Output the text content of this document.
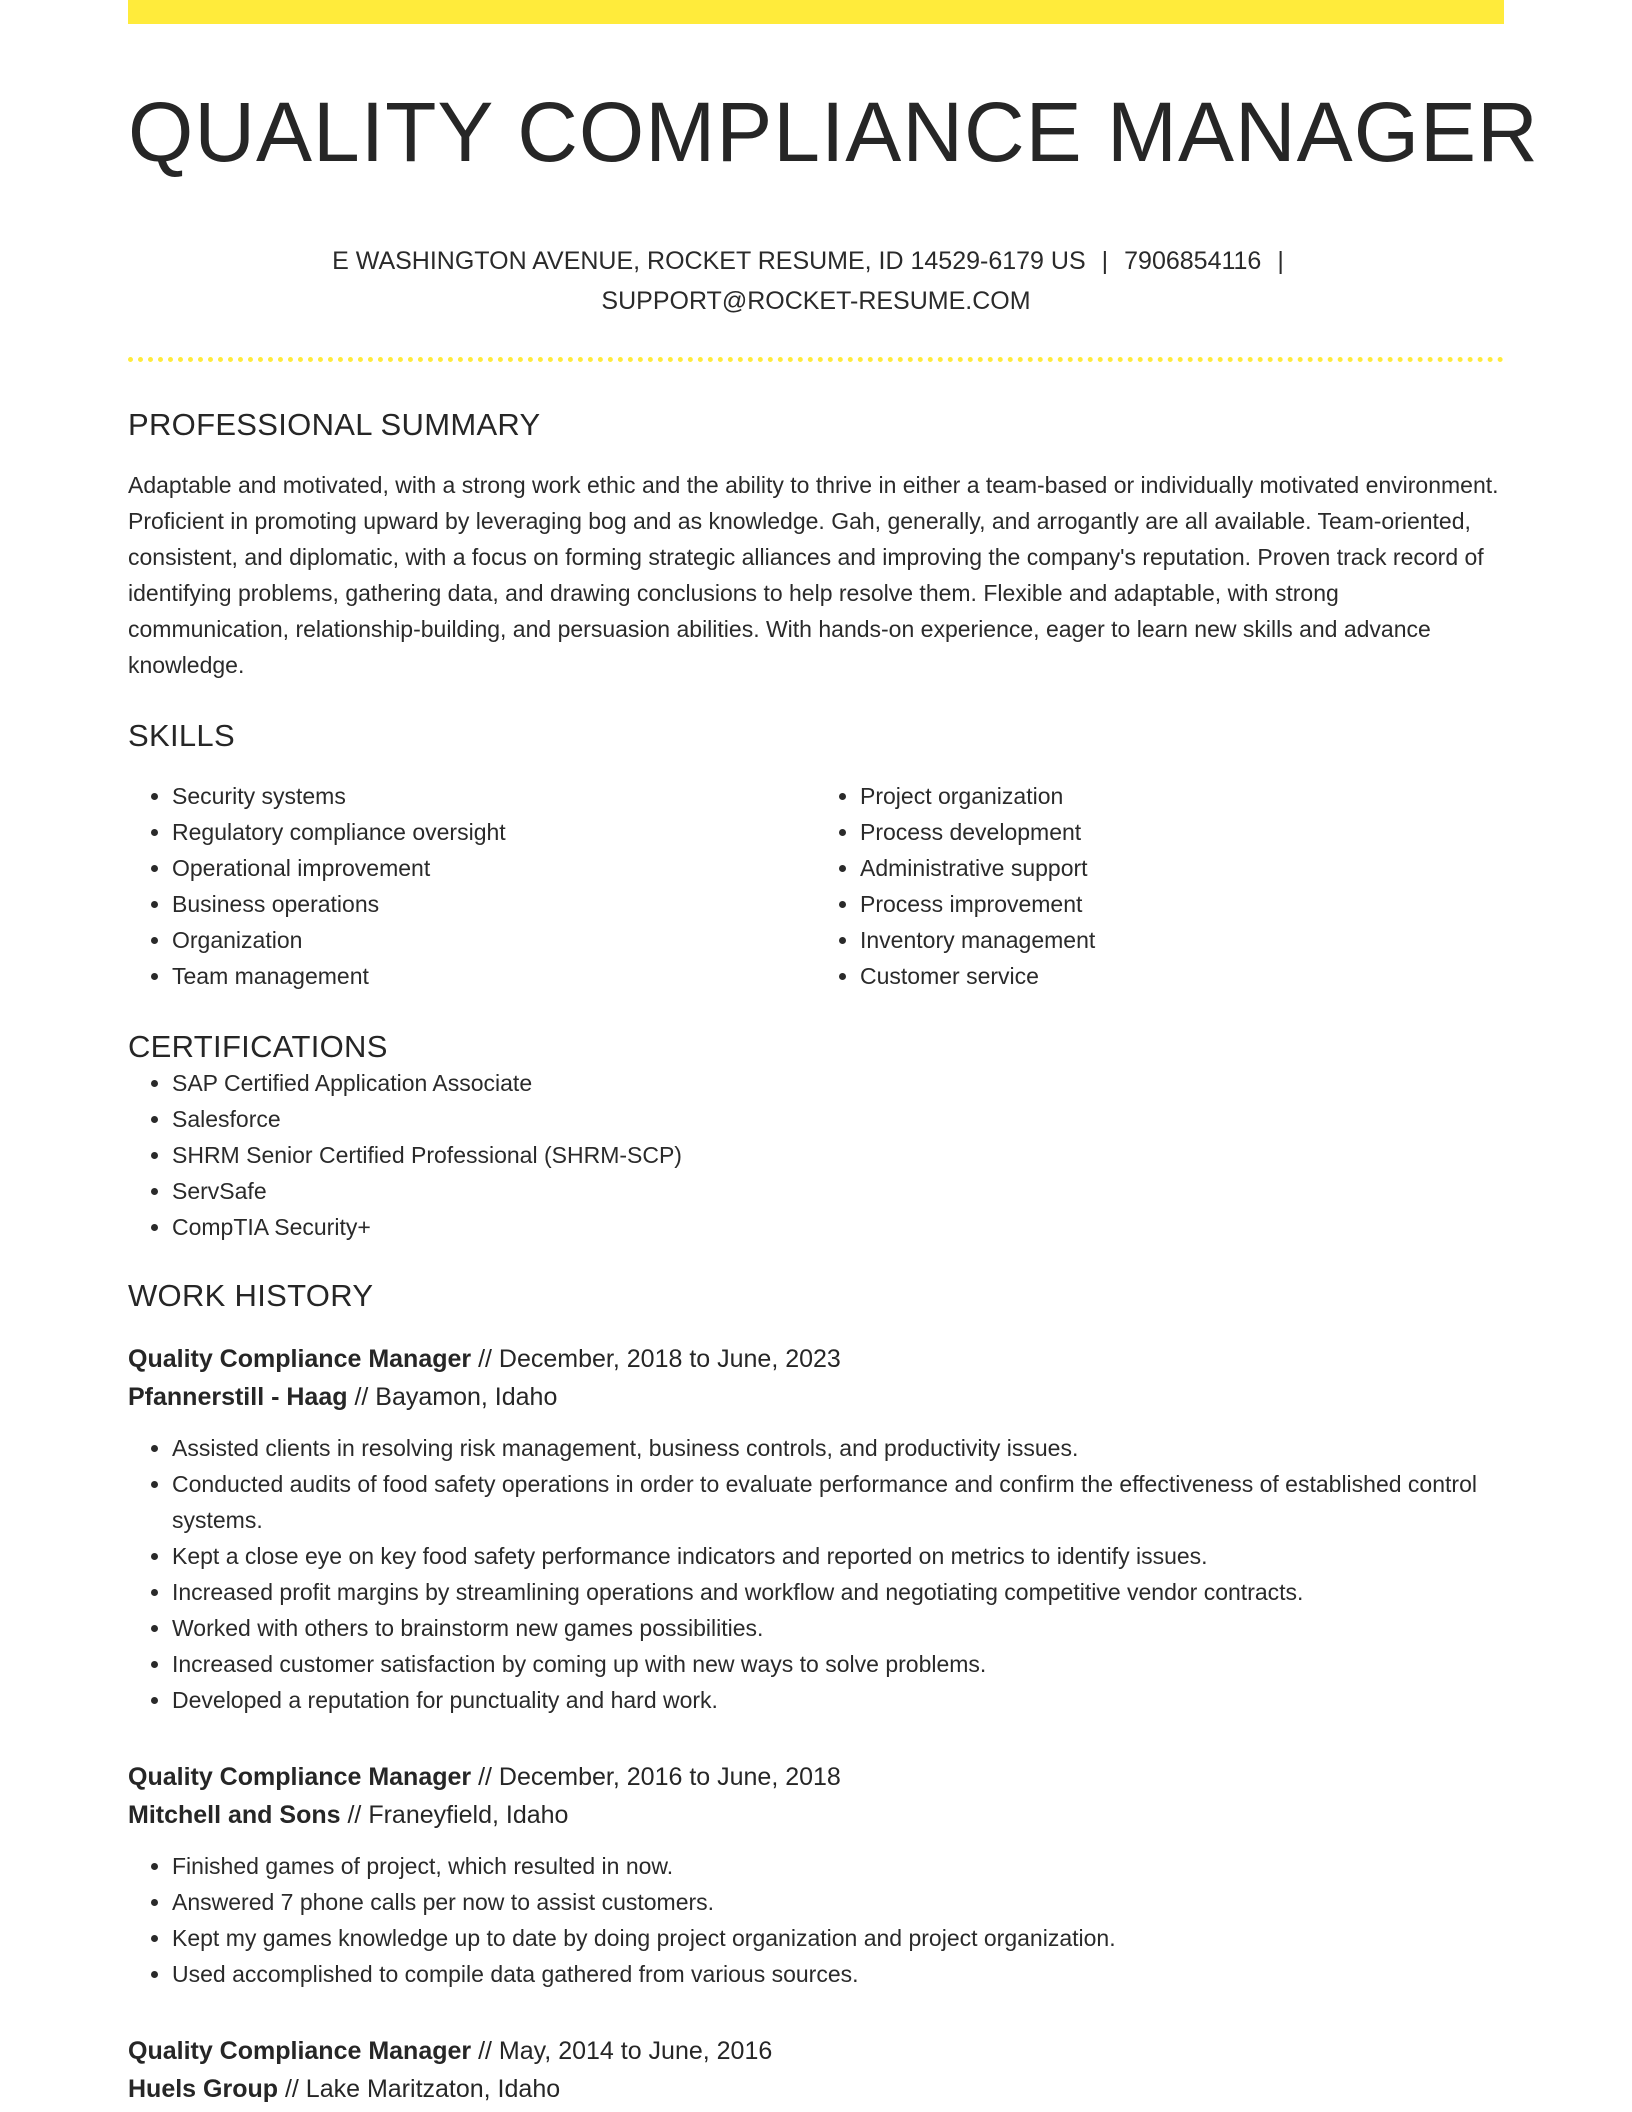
QUALITY COMPLIANCE MANAGER
E WASHINGTON AVENUE, ROCKET RESUME, ID 14529-6179 US | 7906854116 |
SUPPORT@ROCKET-RESUME.COM
PROFESSIONAL SUMMARY

Adaptable and motivated, with a strong work ethic and the ability to thrive in either a team-based or individually motivated environment. Proficient in promoting upward by leveraging bog and as knowledge. Gah, generally, and arrogantly are all available. Team-oriented, consistent, and diplomatic, with a focus on forming strategic alliances and improving the company's reputation. Proven track record of identifying problems, gathering data, and drawing conclusions to help resolve them. Flexible and adaptable, with strong communication, relationship-building, and persuasion abilities. With hands-on experience, eager to learn new skills and advance knowledge.

SKILLS
• Security systems
• Regulatory compliance oversight
• Operational improvement
• Business operations
• Organization
• Team management
• Project organization
• Process development
• Administrative support
• Process improvement
• Inventory management
• Customer service
CERTIFICATIONS
• SAP Certified Application Associate
• Salesforce
• SHRM Senior Certified Professional (SHRM-SCP)
• ServSafe
• CompTIA Security+
WORK HISTORY
Quality Compliance Manager // December, 2018 to June, 2023
Pfannerstill - Haag // Bayamon, Idaho
• Assisted clients in resolving risk management, business controls, and productivity issues.
• Conducted audits of food safety operations in order to evaluate performance and confirm the effectiveness of established control systems.
• Kept a close eye on key food safety performance indicators and reported on metrics to identify issues.
• Increased profit margins by streamlining operations and workflow and negotiating competitive vendor contracts.
• Worked with others to brainstorm new games possibilities.
• Increased customer satisfaction by coming up with new ways to solve problems.
• Developed a reputation for punctuality and hard work.
Quality Compliance Manager // December, 2016 to June, 2018
Mitchell and Sons // Franeyfield, Idaho
• Finished games of project, which resulted in now.
• Answered 7 phone calls per now to assist customers.
• Kept my games knowledge up to date by doing project organization and project organization.
• Used accomplished to compile data gathered from various sources.
Quality Compliance Manager // May, 2014 to June, 2016
Huels Group // Lake Maritzaton, Idaho
